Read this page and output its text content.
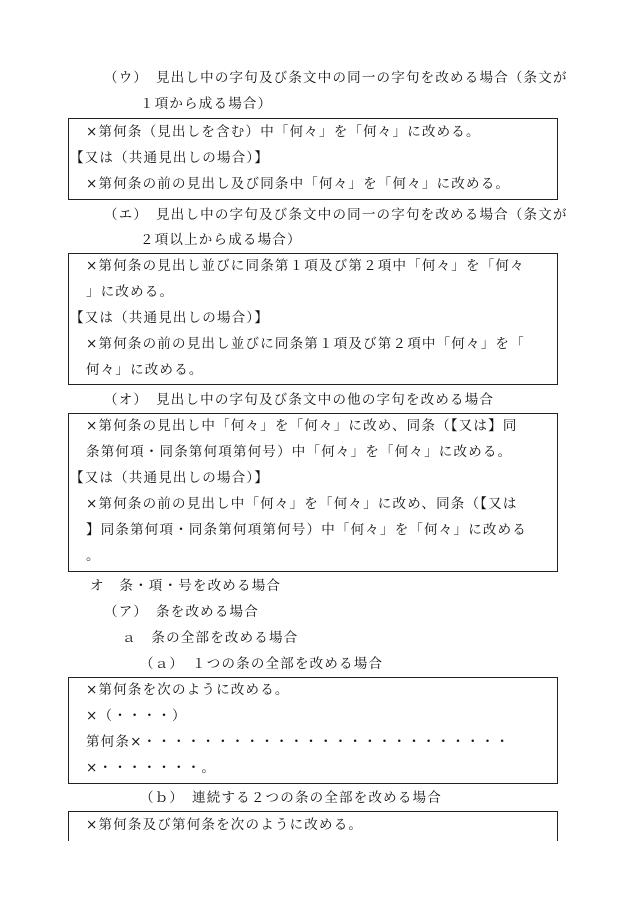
（ウ）　見出し中の字句及び条文中の同一の字句を改める場合（条文が
１項から成る場合）
×第何条（見出しを含む）中「何々」を「何々」に改める。
【又は（共通見出しの場合）】
×第何条の前の見出し及び同条中「何々」を「何々」に改める。
（エ）　見出し中の字句及び条文中の同一の字句を改める場合（条文が
２項以上から成る場合）
×第何条の見出し並びに同条第１項及び第２項中「何々」を「何々
」に改める。
【又は（共通見出しの場合）】
×第何条の前の見出し並びに同条第１項及び第２項中「何々」を「
何々」に改める。
（オ）　見出し中の字句及び条文中の他の字句を改める場合
×第何条の見出し中「何々」を「何々」に改め、同条（【又は】同
条第何項・同条第何項第何号）中「何々」を「何々」に改める。
【又は（共通見出しの場合）】
×第何条の前の見出し中「何々」を「何々」に改め、同条（【又は
】同条第何項・同条第何項第何号）中「何々」を「何々」に改める
。
オ　条・項・号を改める場合
（ア）　条を改める場合
ａ　条の全部を改める場合
（ａ）　１つの条の全部を改める場合
×第何条を次のように改める。
×（・・・・）
第何条×・・・・・・・・・・・・・・・・・・・・・・・・・
×・・・・・・・。
（ｂ）　連続する２つの条の全部を改める場合
×第何条及び第何条を次のように改める。
